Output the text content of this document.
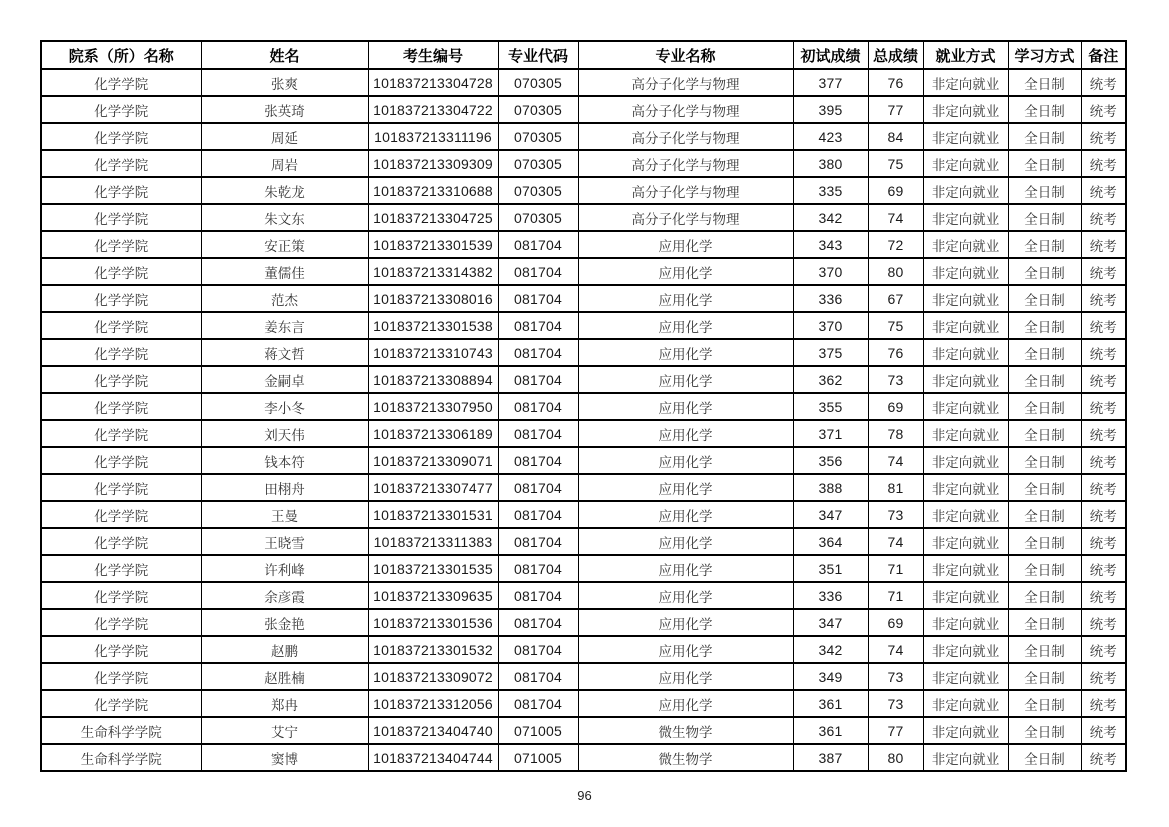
院系（所）名称	姓名	考生编号	专业代码	专业名称	初试成绩	总成绩	就业方式	学习方式	备注
化学学院	张爽	101837213304728	070305	高分子化学与物理	377	76	非定向就业	全日制	统考
化学学院	张英琦	101837213304722	070305	高分子化学与物理	395	77	非定向就业	全日制	统考
化学学院	周延	101837213311196	070305	高分子化学与物理	423	84	非定向就业	全日制	统考
化学学院	周岩	101837213309309	070305	高分子化学与物理	380	75	非定向就业	全日制	统考
化学学院	朱乾龙	101837213310688	070305	高分子化学与物理	335	69	非定向就业	全日制	统考
化学学院	朱文东	101837213304725	070305	高分子化学与物理	342	74	非定向就业	全日制	统考
化学学院	安正策	101837213301539	081704	应用化学	343	72	非定向就业	全日制	统考
化学学院	董儒佳	101837213314382	081704	应用化学	370	80	非定向就业	全日制	统考
化学学院	范杰	101837213308016	081704	应用化学	336	67	非定向就业	全日制	统考
化学学院	姜东言	101837213301538	081704	应用化学	370	75	非定向就业	全日制	统考
化学学院	蒋文哲	101837213310743	081704	应用化学	375	76	非定向就业	全日制	统考
化学学院	金嗣卓	101837213308894	081704	应用化学	362	73	非定向就业	全日制	统考
化学学院	李小冬	101837213307950	081704	应用化学	355	69	非定向就业	全日制	统考
化学学院	刘天伟	101837213306189	081704	应用化学	371	78	非定向就业	全日制	统考
化学学院	钱本符	101837213309071	081704	应用化学	356	74	非定向就业	全日制	统考
化学学院	田栩舟	101837213307477	081704	应用化学	388	81	非定向就业	全日制	统考
化学学院	王曼	101837213301531	081704	应用化学	347	73	非定向就业	全日制	统考
化学学院	王晓雪	101837213311383	081704	应用化学	364	74	非定向就业	全日制	统考
化学学院	许利峰	101837213301535	081704	应用化学	351	71	非定向就业	全日制	统考
化学学院	余彦霞	101837213309635	081704	应用化学	336	71	非定向就业	全日制	统考
化学学院	张金艳	101837213301536	081704	应用化学	347	69	非定向就业	全日制	统考
化学学院	赵鹏	101837213301532	081704	应用化学	342	74	非定向就业	全日制	统考
化学学院	赵胜楠	101837213309072	081704	应用化学	349	73	非定向就业	全日制	统考
化学学院	郑冉	101837213312056	081704	应用化学	361	73	非定向就业	全日制	统考
生命科学学院	艾宁	101837213404740	071005	微生物学	361	77	非定向就业	全日制	统考
生命科学学院	窦博	101837213404744	071005	微生物学	387	80	非定向就业	全日制	统考
96
